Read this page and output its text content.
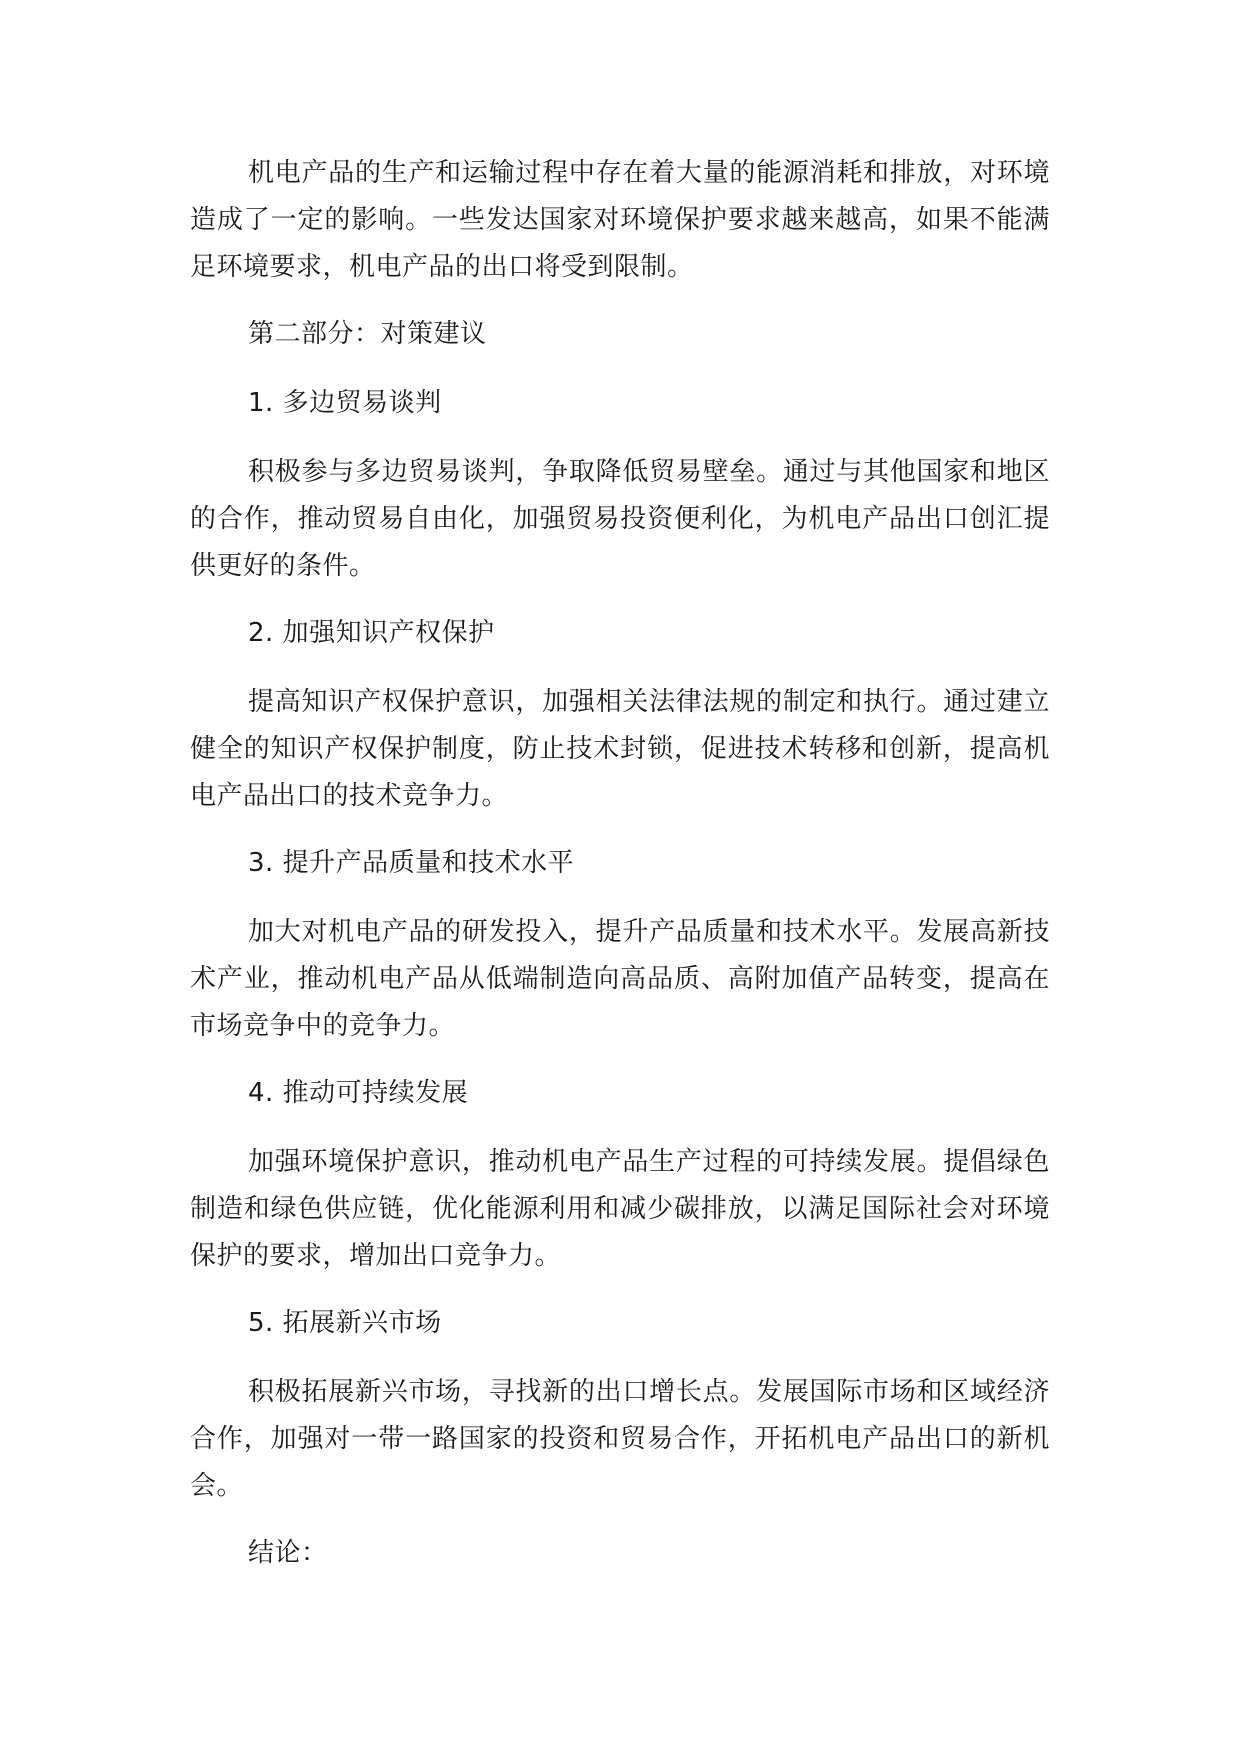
机电产品的生产和运输过程中存在着大量的能源消耗和排放，对环境造成了一定的影响。一些发达国家对环境保护要求越来越高，如果不能满足环境要求，机电产品的出口将受到限制。

第二部分：对策建议

1. 多边贸易谈判

积极参与多边贸易谈判，争取降低贸易壁垒。通过与其他国家和地区的合作，推动贸易自由化，加强贸易投资便利化，为机电产品出口创汇提供更好的条件。

2. 加强知识产权保护

提高知识产权保护意识，加强相关法律法规的制定和执行。通过建立健全的知识产权保护制度，防止技术封锁，促进技术转移和创新，提高机电产品出口的技术竞争力。

3. 提升产品质量和技术水平

加大对机电产品的研发投入，提升产品质量和技术水平。发展高新技术产业，推动机电产品从低端制造向高品质、高附加值产品转变，提高在市场竞争中的竞争力。

4. 推动可持续发展

加强环境保护意识，推动机电产品生产过程的可持续发展。提倡绿色制造和绿色供应链，优化能源利用和减少碳排放，以满足国际社会对环境保护的要求，增加出口竞争力。

5. 拓展新兴市场

积极拓展新兴市场，寻找新的出口增长点。发展国际市场和区域经济合作，加强对一带一路国家的投资和贸易合作，开拓机电产品出口的新机会。

结论：
